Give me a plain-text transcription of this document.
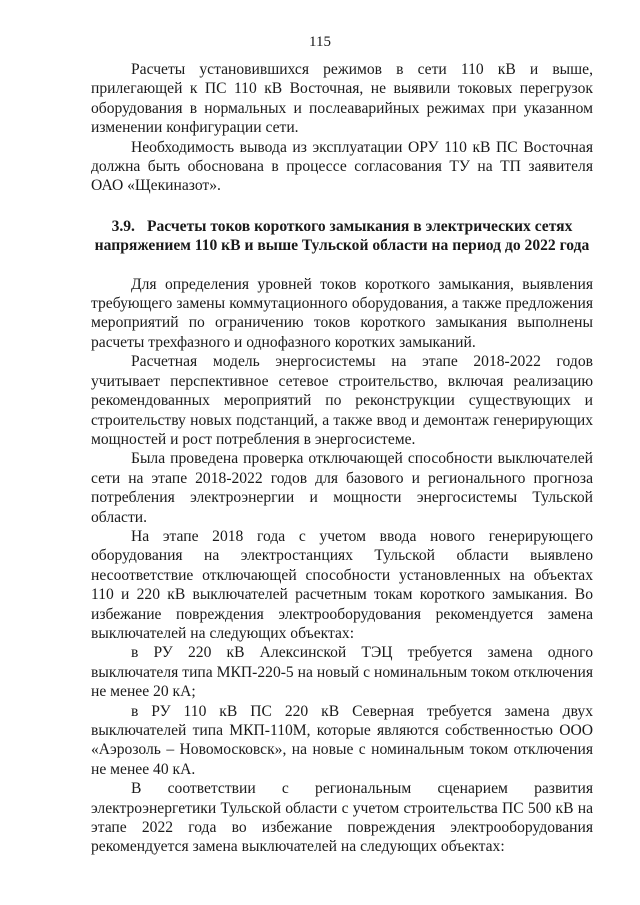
115

Расчеты установившихся режимов в сети 110 кВ и выше, прилегающей к ПС 110 кВ Восточная, не выявили токовых перегрузок оборудования в нормальных и послеаварийных режимах при указанном изменении конфигурации сети.

Необходимость вывода из эксплуатации ОРУ 110 кВ ПС Восточная должна быть обоснована в процессе согласования ТУ на ТП заявителя ОАО «Щекиназот».

3.9. Расчеты токов короткого замыкания в электрических сетях напряжением 110 кВ и выше Тульской области на период до 2022 года

Для определения уровней токов короткого замыкания, выявления требующего замены коммутационного оборудования, а также предложения мероприятий по ограничению токов короткого замыкания выполнены расчеты трехфазного и однофазного коротких замыканий.

Расчетная модель энергосистемы на этапе 2018-2022 годов учитывает перспективное сетевое строительство, включая реализацию рекомендованных мероприятий по реконструкции существующих и строительству новых подстанций, а также ввод и демонтаж генерирующих мощностей и рост потребления в энергосистеме.

Была проведена проверка отключающей способности выключателей сети на этапе 2018-2022 годов для базового и регионального прогноза потребления электроэнергии и мощности энергосистемы Тульской области.

На этапе 2018 года с учетом ввода нового генерирующего оборудования на электростанциях Тульской области выявлено несоответствие отключающей способности установленных на объектах 110 и 220 кВ выключателей расчетным токам короткого замыкания. Во избежание повреждения электрооборудования рекомендуется замена выключателей на следующих объектах:

в РУ 220 кВ Алексинской ТЭЦ требуется замена одного выключателя типа МКП-220-5 на новый с номинальным током отключения не менее 20 кА;

в РУ 110 кВ ПС 220 кВ Северная требуется замена двух выключателей типа МКП-110М, которые являются собственностью ООО «Аэрозоль – Новомосковск», на новые с номинальным током отключения не менее 40 кА.

В соответствии с региональным сценарием развития электроэнергетики Тульской области с учетом строительства ПС 500 кВ на этапе 2022 года во избежание повреждения электрооборудования рекомендуется замена выключателей на следующих объектах:
